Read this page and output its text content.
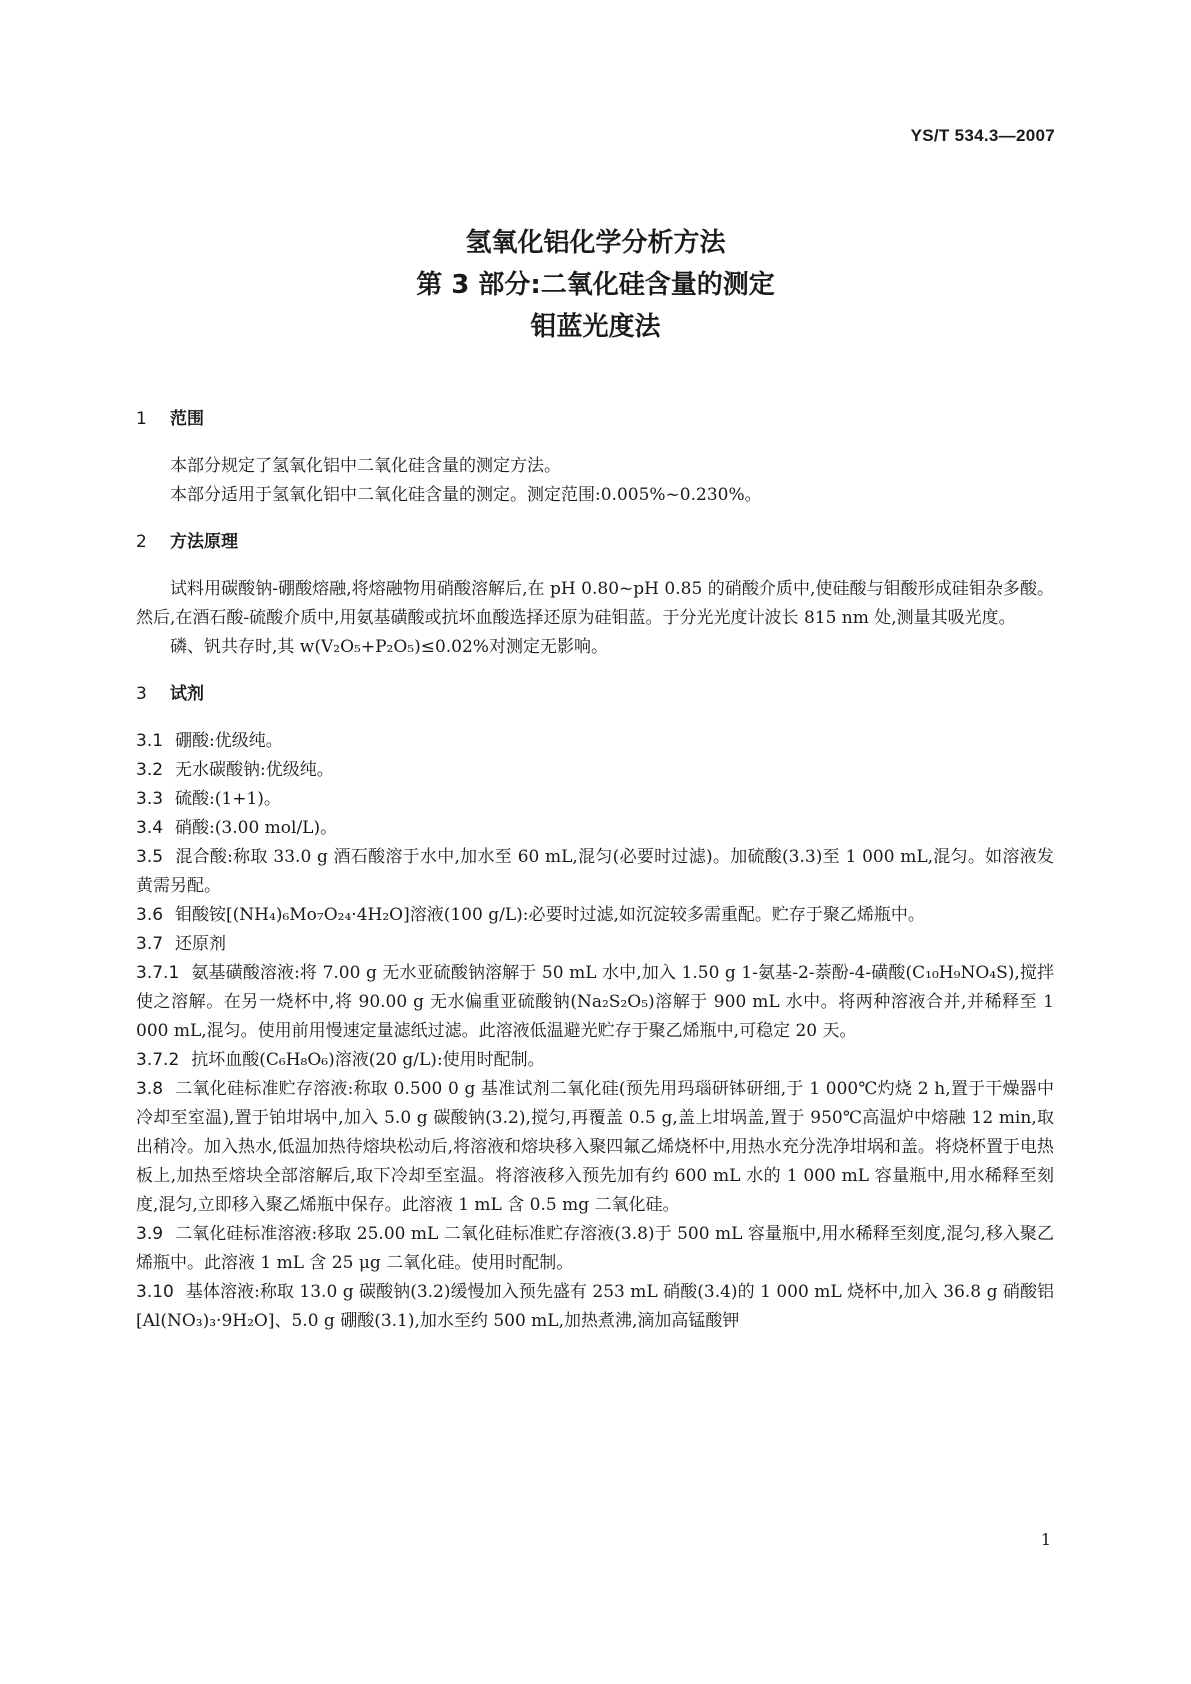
YS/T 534.3—2007
氢氧化铝化学分析方法
第 3 部分:二氧化硅含量的测定
钼蓝光度法
1 范围

本部分规定了氢氧化铝中二氧化硅含量的测定方法。

本部分适用于氢氧化铝中二氧化硅含量的测定。测定范围:0.005%~0.230%。

2 方法原理

试料用碳酸钠-硼酸熔融,将熔融物用硝酸溶解后,在 pH 0.80~pH 0.85 的硝酸介质中,使硅酸与钼酸形成硅钼杂多酸。然后,在酒石酸-硫酸介质中,用氨基磺酸或抗坏血酸选择还原为硅钼蓝。于分光光度计波长 815 nm 处,测量其吸光度。

磷、钒共存时,其 w(V₂O₅+P₂O₅)≤0.02%对测定无影响。

3 试剂

3.1 硼酸:优级纯。

3.2 无水碳酸钠:优级纯。

3.3 硫酸:(1+1)。

3.4 硝酸:(3.00 mol/L)。

3.5 混合酸:称取 33.0 g 酒石酸溶于水中,加水至 60 mL,混匀(必要时过滤)。加硫酸(3.3)至 1 000 mL,混匀。如溶液发黄需另配。

3.6 钼酸铵[(NH₄)₆Mo₇O₂₄·4H₂O]溶液(100 g/L):必要时过滤,如沉淀较多需重配。贮存于聚乙烯瓶中。

3.7 还原剂

3.7.1 氨基磺酸溶液:将 7.00 g 无水亚硫酸钠溶解于 50 mL 水中,加入 1.50 g 1-氨基-2-萘酚-4-磺酸(C₁₀H₉NO₄S),搅拌使之溶解。在另一烧杯中,将 90.00 g 无水偏重亚硫酸钠(Na₂S₂O₅)溶解于 900 mL 水中。将两种溶液合并,并稀释至 1 000 mL,混匀。使用前用慢速定量滤纸过滤。此溶液低温避光贮存于聚乙烯瓶中,可稳定 20 天。

3.7.2 抗坏血酸(C₆H₈O₆)溶液(20 g/L):使用时配制。

3.8 二氧化硅标准贮存溶液:称取 0.500 0 g 基准试剂二氧化硅(预先用玛瑙研钵研细,于 1 000℃灼烧 2 h,置于干燥器中冷却至室温),置于铂坩埚中,加入 5.0 g 碳酸钠(3.2),搅匀,再覆盖 0.5 g,盖上坩埚盖,置于 950℃高温炉中熔融 12 min,取出稍冷。加入热水,低温加热待熔块松动后,将溶液和熔块移入聚四氟乙烯烧杯中,用热水充分洗净坩埚和盖。将烧杯置于电热板上,加热至熔块全部溶解后,取下冷却至室温。将溶液移入预先加有约 600 mL 水的 1 000 mL 容量瓶中,用水稀释至刻度,混匀,立即移入聚乙烯瓶中保存。此溶液 1 mL 含 0.5 mg 二氧化硅。

3.9 二氧化硅标准溶液:移取 25.00 mL 二氧化硅标准贮存溶液(3.8)于 500 mL 容量瓶中,用水稀释至刻度,混匀,移入聚乙烯瓶中。此溶液 1 mL 含 25 μg 二氧化硅。使用时配制。

3.10 基体溶液:称取 13.0 g 碳酸钠(3.2)缓慢加入预先盛有 253 mL 硝酸(3.4)的 1 000 mL 烧杯中,加入 36.8 g 硝酸铝[Al(NO₃)₃·9H₂O]、5.0 g 硼酸(3.1),加水至约 500 mL,加热煮沸,滴加高锰酸钾

1
